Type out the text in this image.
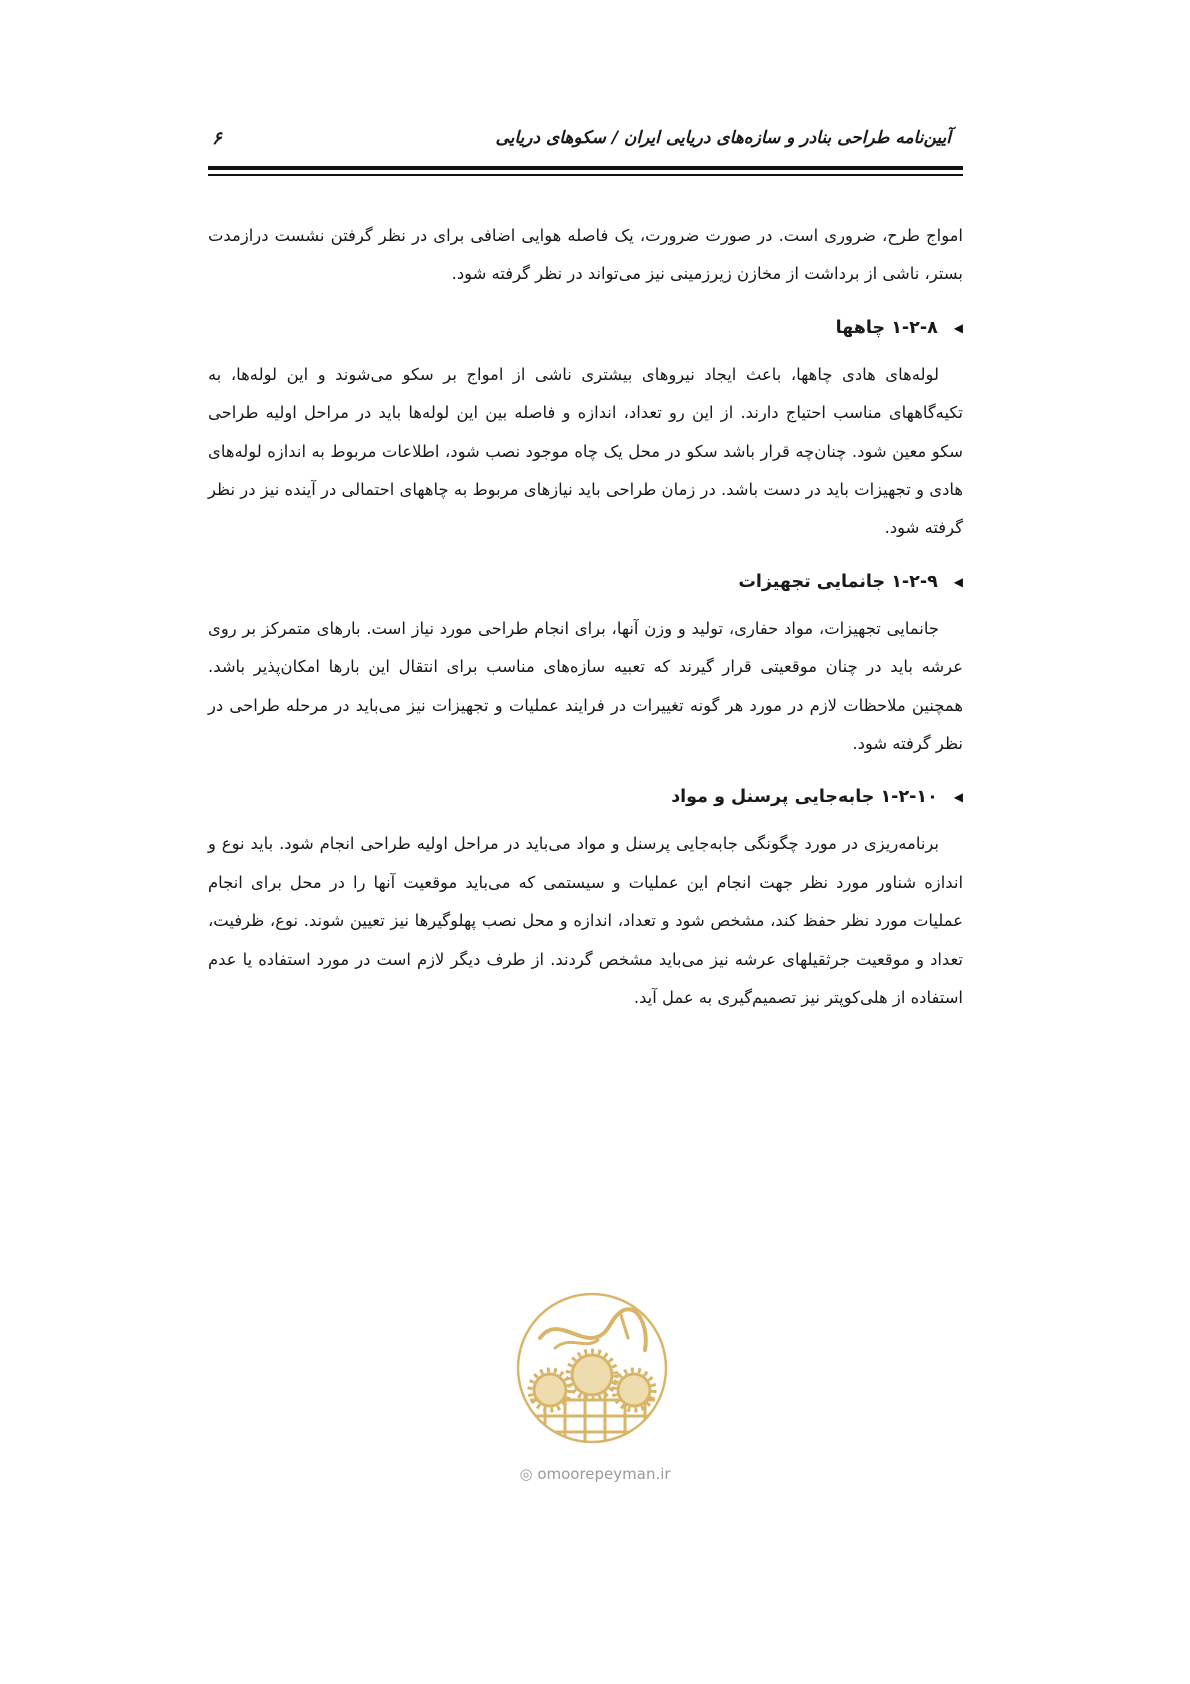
آیین‌نامه طراحی بنادر و سازه‌های دریایی ایران / سکوهای دریایی
۶

امواج طرح، ضروری است. در صورت ضرورت، یک فاصله هوایی اضافی برای در نظر گرفتن نشست درازمدت بستر، ناشی از برداشت از مخازن زیرزمینی نیز می‌تواند در نظر گرفته شود.

◀
۱-۲-۸ چاهها

لوله‌های هادی چاهها، باعث ایجاد نیروهای بیشتری ناشی از امواج بر سکو می‌شوند و این لوله‌ها، به تکیه‌گاههای مناسب احتیاج دارند. از این رو تعداد، اندازه و فاصله بین این لوله‌ها باید در مراحل اولیه طراحی سکو معین شود. چنان‌چه قرار باشد سکو در محل یک چاه موجود نصب شود، اطلاعات مربوط به اندازه لوله‌های هادی و تجهیزات باید در دست باشد. در زمان طراحی باید نیازهای مربوط به چاههای احتمالی در آینده نیز در نظر گرفته شود.

◀
۱-۲-۹ جانمایی تجهیزات

جانمایی تجهیزات، مواد حفاری، تولید و وزن آنها، برای انجام طراحی مورد نیاز است. بارهای متمرکز بر روی عرشه باید در چنان موقعیتی قرار گیرند که تعبیه سازه‌های مناسب برای انتقال این بارها امکان‌پذیر باشد. همچنین ملاحظات لازم در مورد هر گونه تغییرات در فرایند عملیات و تجهیزات نیز می‌باید در مرحله طراحی در نظر گرفته شود.

◀
۱-۲-۱۰ جابه‌جایی پرسنل و مواد

برنامه‌ریزی در مورد چگونگی جابه‌جایی پرسنل و مواد می‌باید در مراحل اولیه طراحی انجام شود. باید نوع و اندازه شناور مورد نظر جهت انجام این عملیات و سیستمی که می‌باید موقعیت آنها را در محل برای انجام عملیات مورد نظر حفظ کند، مشخص شود و تعداد، اندازه و محل نصب پهلوگیرها نیز تعیین شوند. نوع، ظرفیت، تعداد و موقعیت جرثقیلهای عرشه نیز می‌باید مشخص گردند. از طرف دیگر لازم است در مورد استفاده یا عدم استفاده از هلی‌کوپتر نیز تصمیم‌گیری به عمل آید.

◎ omoorepeyman.ir
